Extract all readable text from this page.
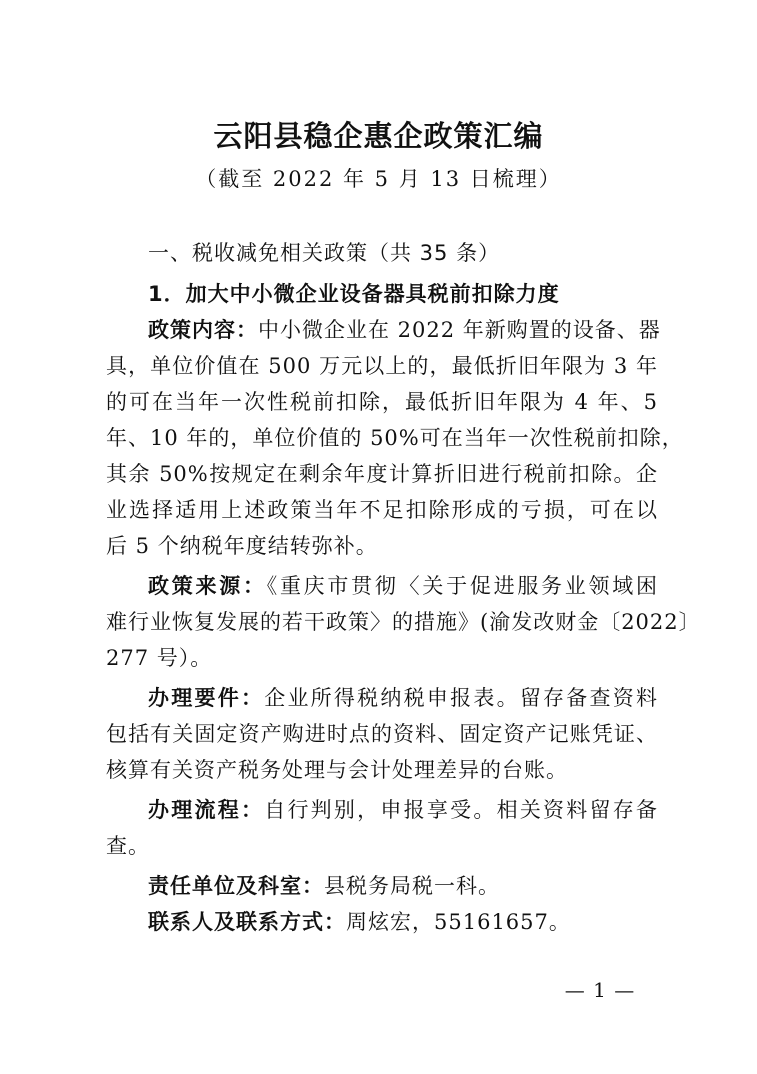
云阳县稳企惠企政策汇编
（截至 2022 年 5 月 13 日梳理）
一、税收减免相关政策（共 35 条）
1．加大中小微企业设备器具税前扣除力度
政策内容：中小微企业在 2022 年新购置的设备、器
具，单位价值在 500 万元以上的，最低折旧年限为 3 年
的可在当年一次性税前扣除，最低折旧年限为 4 年、5
年、10 年的，单位价值的 50%可在当年一次性税前扣除，
其余 50%按规定在剩余年度计算折旧进行税前扣除。企
业选择适用上述政策当年不足扣除形成的亏损，可在以
后 5 个纳税年度结转弥补。
政策来源：《重庆市贯彻〈关于促进服务业领域困
难行业恢复发展的若干政策〉的措施》(渝发改财金〔2022〕
277 号）。
办理要件：企业所得税纳税申报表。留存备查资料
包括有关固定资产购进时点的资料、固定资产记账凭证、
核算有关资产税务处理与会计处理差异的台账。
办理流程：自行判别，申报享受。相关资料留存备
查。
责任单位及科室：县税务局税一科。
联系人及联系方式：周炫宏，55161657。
— 1 —
